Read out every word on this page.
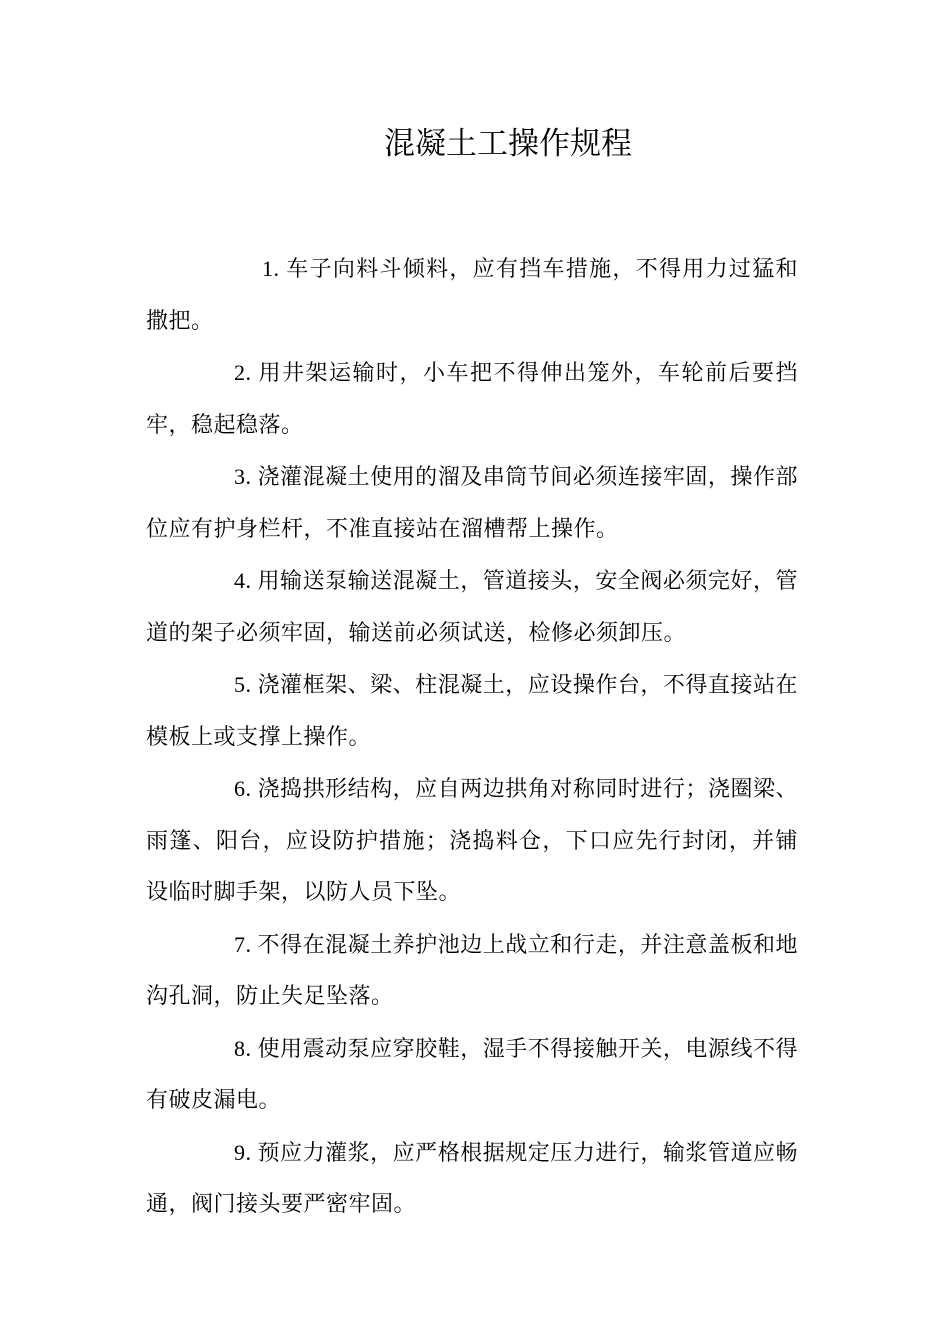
混凝土工操作规程

1. 车子向料斗倾料，应有挡车措施，不得用力过猛和撒把。

2. 用井架运输时，小车把不得伸出笼外，车轮前后要挡牢，稳起稳落。

3. 浇灌混凝土使用的溜及串筒节间必须连接牢固，操作部位应有护身栏杆，不准直接站在溜槽帮上操作。

4. 用输送泵输送混凝土，管道接头，安全阀必须完好，管道的架子必须牢固，输送前必须试送，检修必须卸压。

5. 浇灌框架、梁、柱混凝土，应设操作台，不得直接站在模板上或支撑上操作。

6. 浇捣拱形结构，应自两边拱角对称同时进行；浇圈梁、雨篷、阳台，应设防护措施；浇捣料仓，下口应先行封闭，并铺设临时脚手架，以防人员下坠。

7. 不得在混凝土养护池边上战立和行走，并注意盖板和地沟孔洞，防止失足坠落。

8. 使用震动泵应穿胶鞋，湿手不得接触开关，电源线不得有破皮漏电。

9. 预应力灌浆，应严格根据规定压力进行，输浆管道应畅通，阀门接头要严密牢固。
